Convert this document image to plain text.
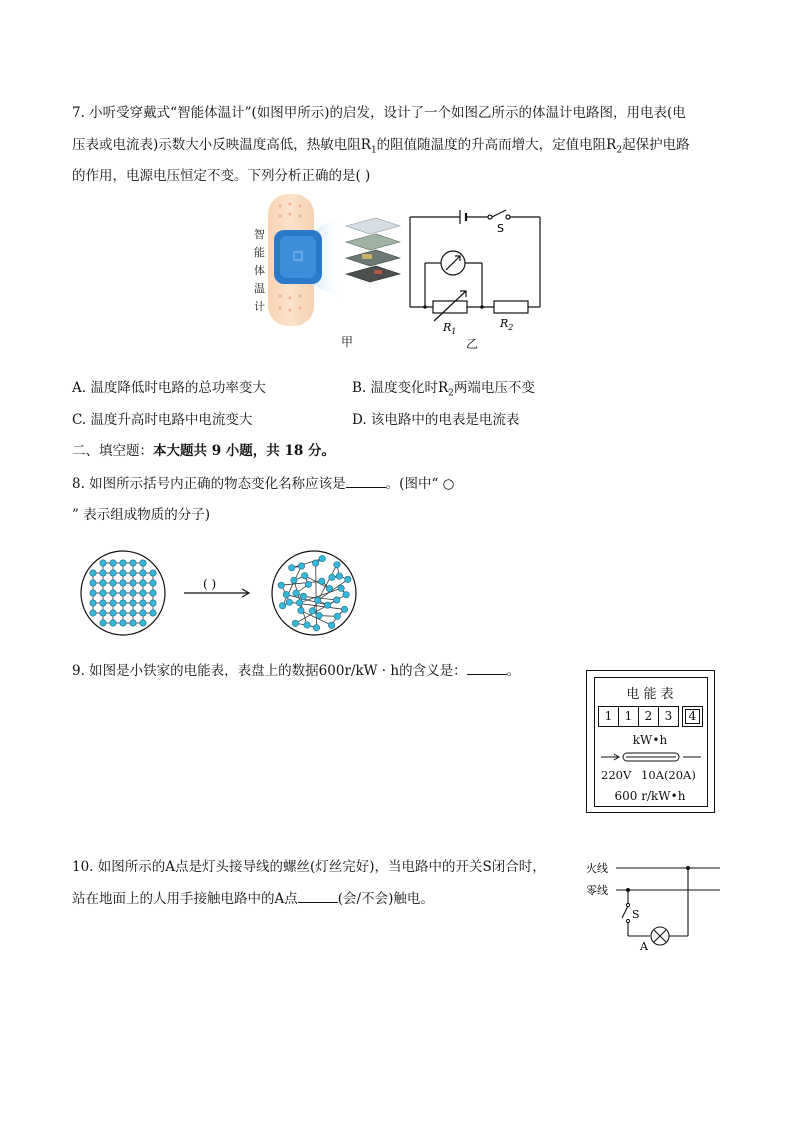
7. 小听受穿戴式“智能体温计”(如图甲所示)的启发，设计了一个如图乙所示的体温计电路图，用电表(电
压表或电流表)示数大小反映温度高低，热敏电阻$R_1$的阻值随温度的升高而增大，定值电阻$R_2$起保护电路
的作用，电源电压恒定不变。下列分析正确的是( )
智
能
体
温
计
甲
S
$R_1$
$R_2$
乙
A. 温度降低时电路的总功率变大	B. 温度变化时$R_2$两端电压不变
C. 温度升高时电路中电流变大	D. 该电路中的电表是电流表
二、填空题：本大题共 9 小题，共 18 分。
8. 如图所示括号内正确的物态变化名称应该是	。(图中“ ○
” 表示组成物质的分子)
( )
9. 如图是小铁家的电能表，表盘上的数据600r/kW · h的含义是：	。
电 能 表
1	1	2	3	4
kW•h
220V 10A(20A)
600 r/kW•h
10. 如图所示的A点是灯头接导线的螺丝(灯丝完好)，当电路中的开关S闭合时，
站在地面上的人用手接触电路中的A点	(会/不会)触电。
火线
零线
S
A
